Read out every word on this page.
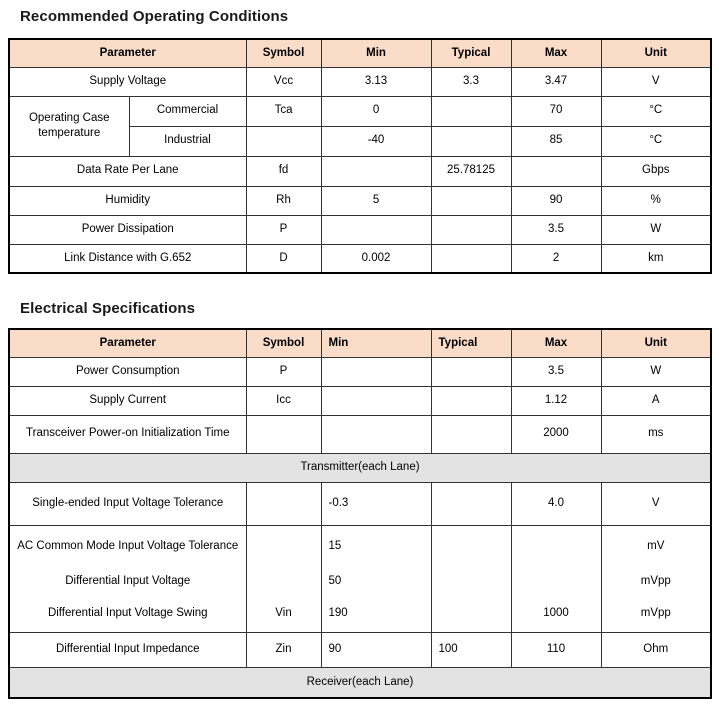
Recommended Operating Conditions
Parameter		Symbol	Min	Typical	Max	Unit
Supply Voltage		Vcc	3.13	3.3	3.47	V
Operating Case temperature	Commercial	Tca	0		70	°C
	Industrial		-40		85	°C
Data Rate Per Lane		fd		25.78125		Gbps
Humidity		Rh	5		90	%
Power Dissipation		P			3.5	W
Link Distance with G.652		D	0.002		2	km
Electrical Specifications
Parameter	Symbol	Min	Typical	Max	Unit
Power Consumption	P			3.5	W
Supply Current	Icc			1.12	A
Transceiver Power-on Initialization Time				2000	ms
Transmitter(each Lane)					
Single-ended Input Voltage Tolerance		-0.3		4.0	V
AC Common Mode Input Voltage Tolerance		15			mV
Differential Input Voltage		50			mVpp
Differential Input Voltage Swing	Vin	190		1000	mVpp
Differential Input Impedance	Zin	90	100	110	Ohm
Receiver(each Lane)					
